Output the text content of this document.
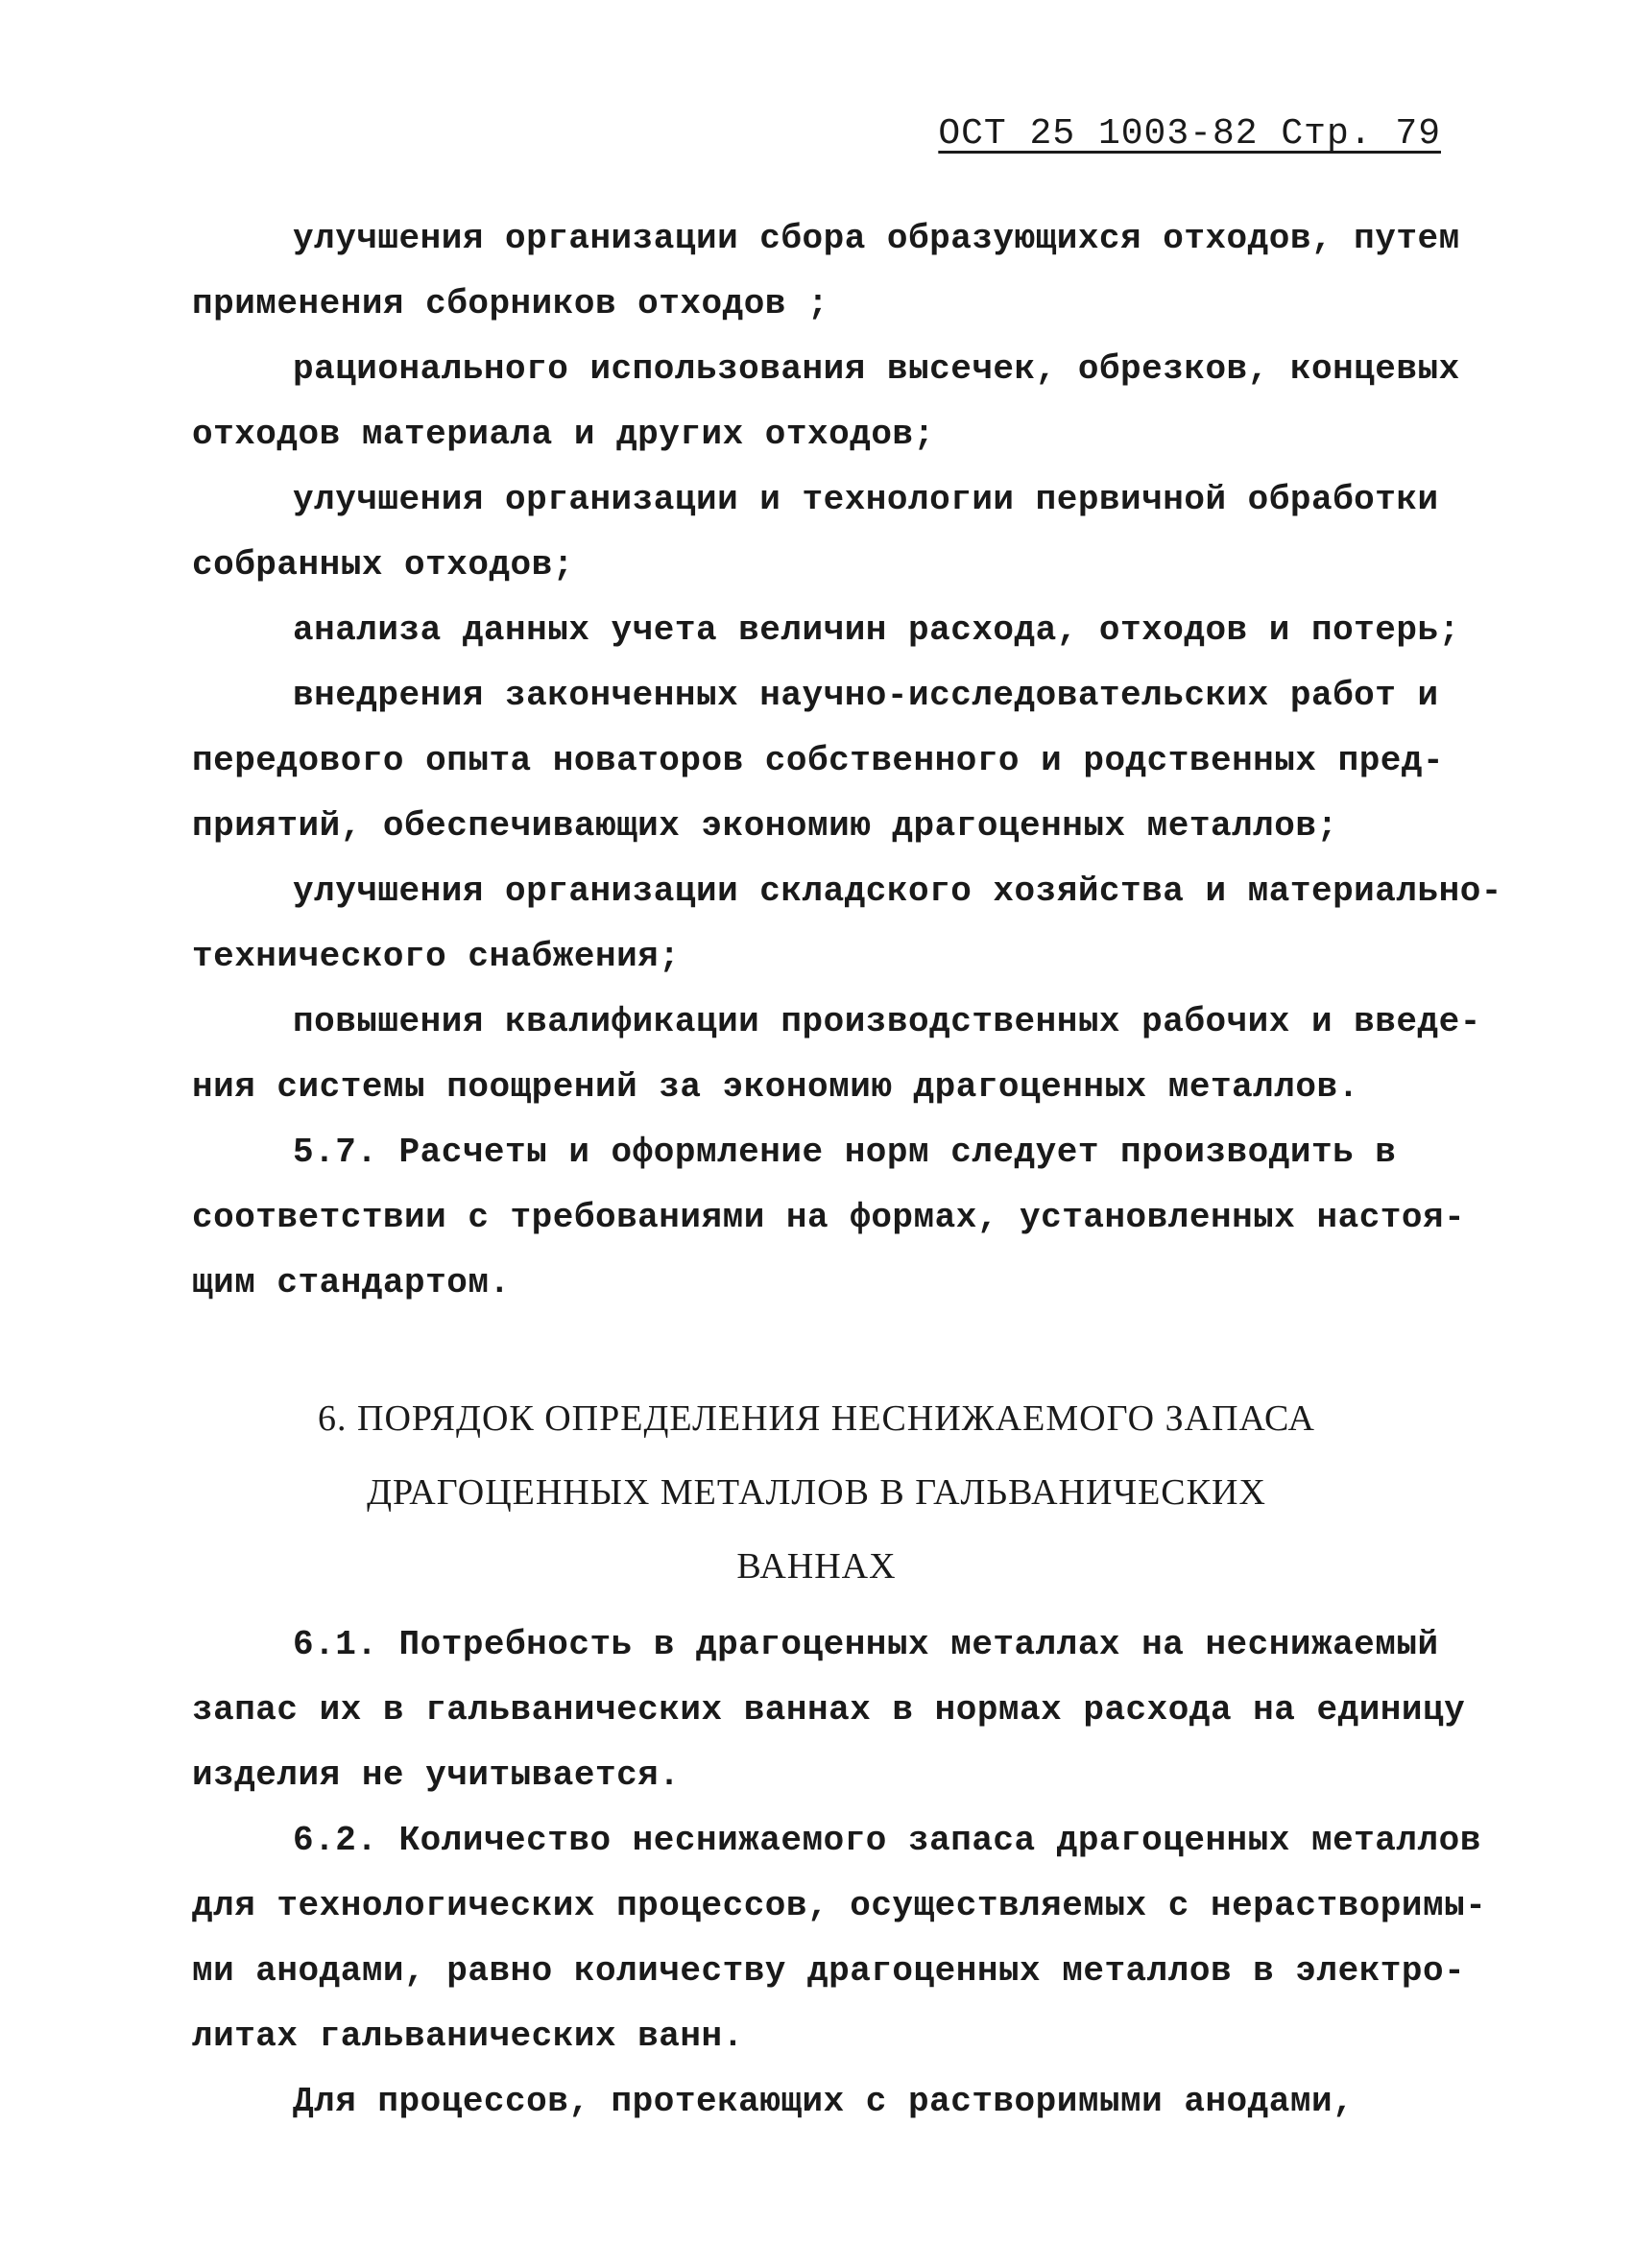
ОСТ 25 1003-82 Стр. 79
улучшения организации сбора образующихся отходов, путем
применения сборников отходов ;
рационального использования высечек, обрезков, концевых
отходов материала и других отходов;
улучшения организации и технологии первичной обработки
собранных отходов;
анализа данных учета величин расхода, отходов и потерь;
внедрения законченных научно-исследовательских работ и
передового опыта новаторов собственного и родственных пред-
приятий, обеспечивающих экономию драгоценных металлов;
улучшения организации складского хозяйства и материально-
технического снабжения;
повышения квалификации производственных рабочих и введе-
ния системы поощрений за экономию драгоценных металлов.
5.7. Расчеты и оформление норм следует производить в
соответствии с требованиями на формах, установленных настоя-
щим стандартом.
6. ПОРЯДОК ОПРЕДЕЛЕНИЯ НЕСНИЖАЕМОГО ЗАПАСА
ДРАГОЦЕННЫХ МЕТАЛЛОВ В ГАЛЬВАНИЧЕСКИХ
ВАННАХ
6.1. Потребность в драгоценных металлах на неснижаемый
запас их в гальванических ваннах в нормах расхода на единицу
изделия не учитывается.
6.2. Количество неснижаемого запаса драгоценных металлов
для технологических процессов, осуществляемых с нерастворимы-
ми анодами, равно количеству драгоценных металлов в электро-
литах гальванических ванн.
Для процессов, протекающих с растворимыми анодами,
